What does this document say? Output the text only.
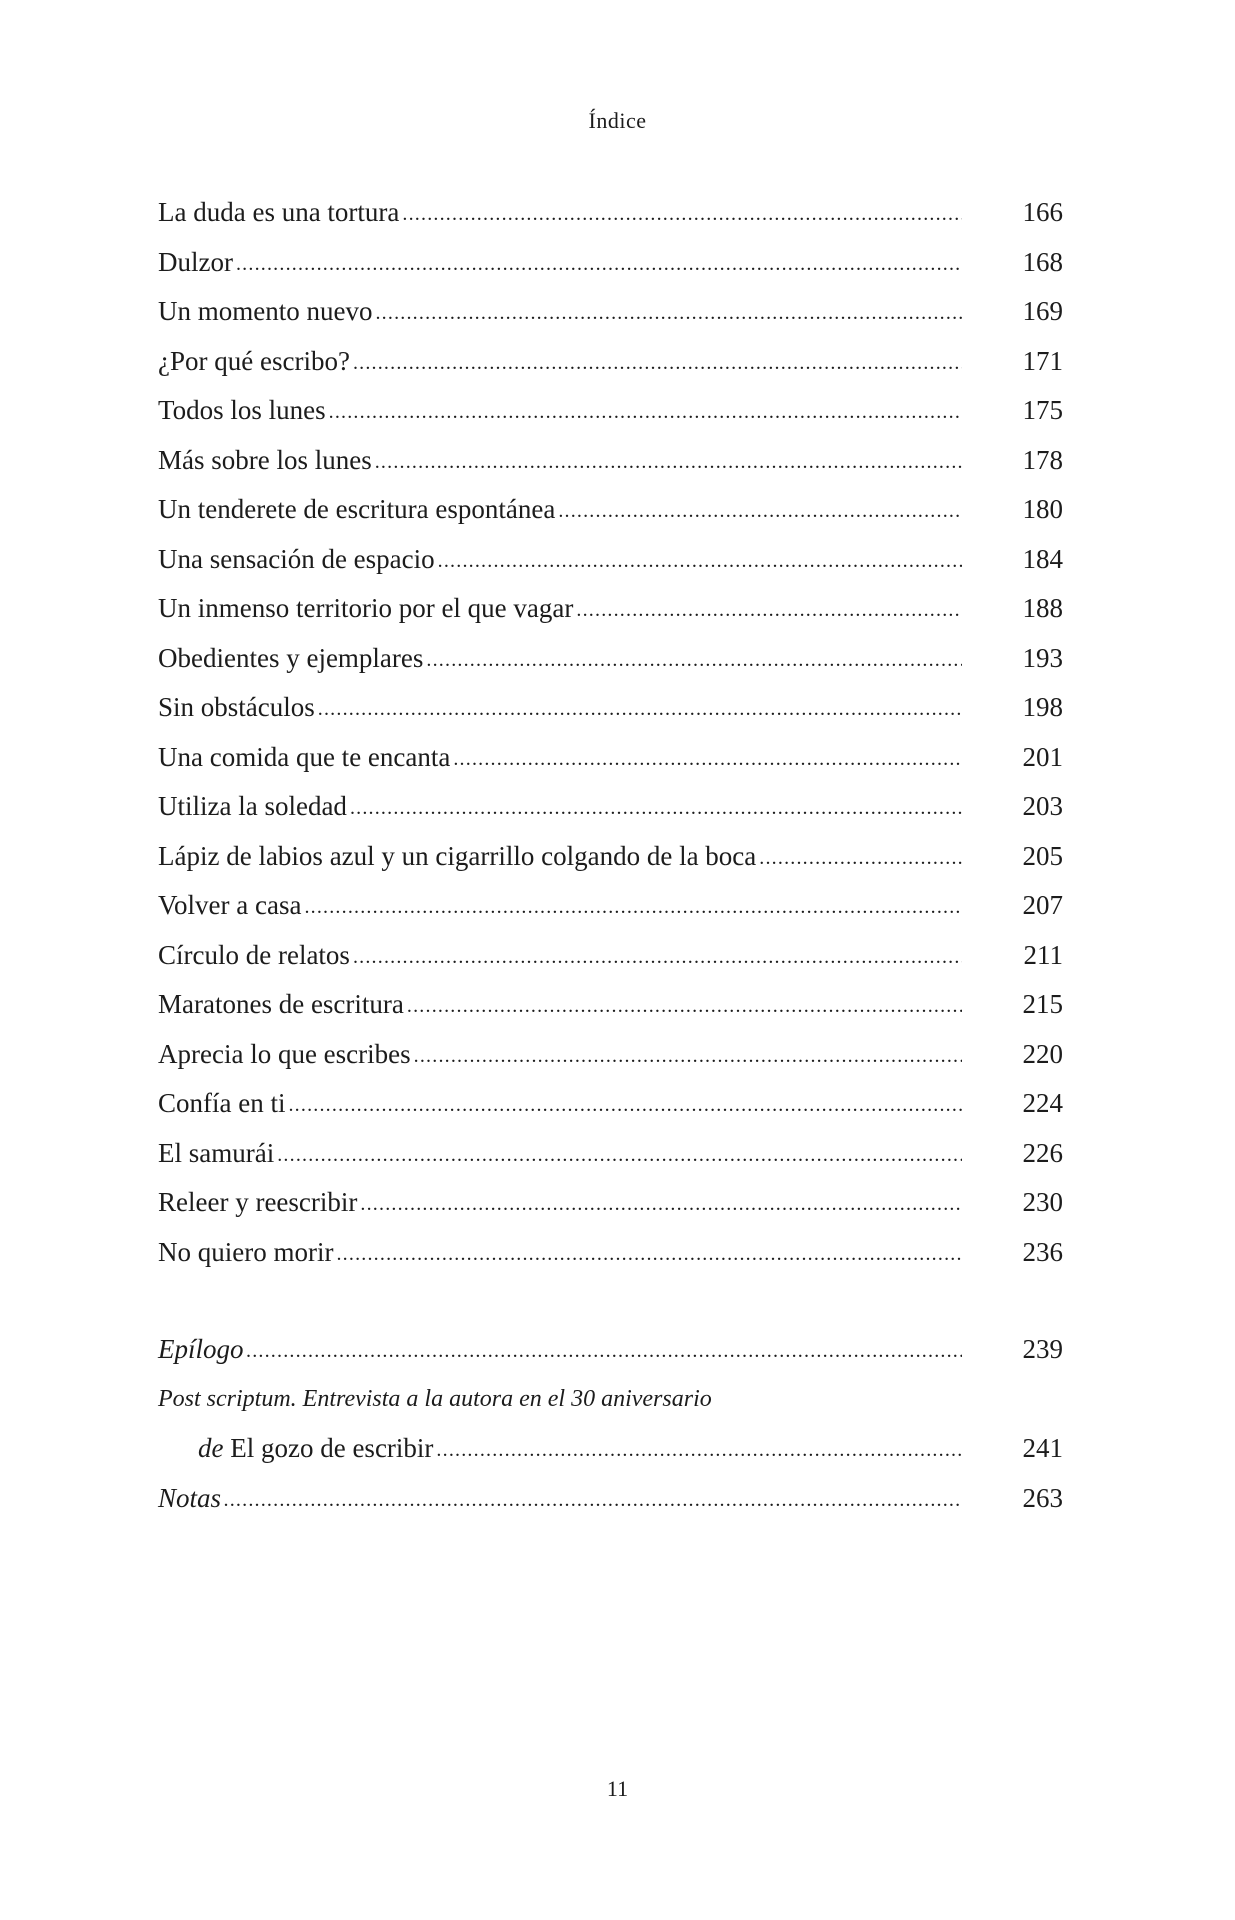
Índice
La duda es una tortura .....	166
Dulzor .....	168
Un momento nuevo .....	169
¿Por qué escribo? .....	171
Todos los lunes .....	175
Más sobre los lunes .....	178
Un tenderete de escritura espontánea .....	180
Una sensación de espacio .....	184
Un inmenso territorio por el que vagar .....	188
Obedientes y ejemplares .....	193
Sin obstáculos .....	198
Una comida que te encanta .....	201
Utiliza la soledad .....	203
Lápiz de labios azul y un cigarrillo colgando de la boca .....	205
Volver a casa .....	207
Círculo de relatos .....	211
Maratones de escritura .....	215
Aprecia lo que escribes .....	220
Confía en ti .....	224
El samurái .....	226
Releer y reescribir .....	230
No quiero morir .....	236
Epílogo .....	239
Post scriptum. Entrevista a la autora en el 30 aniversario
de El gozo de escribir .....	241
Notas .....	263
11
